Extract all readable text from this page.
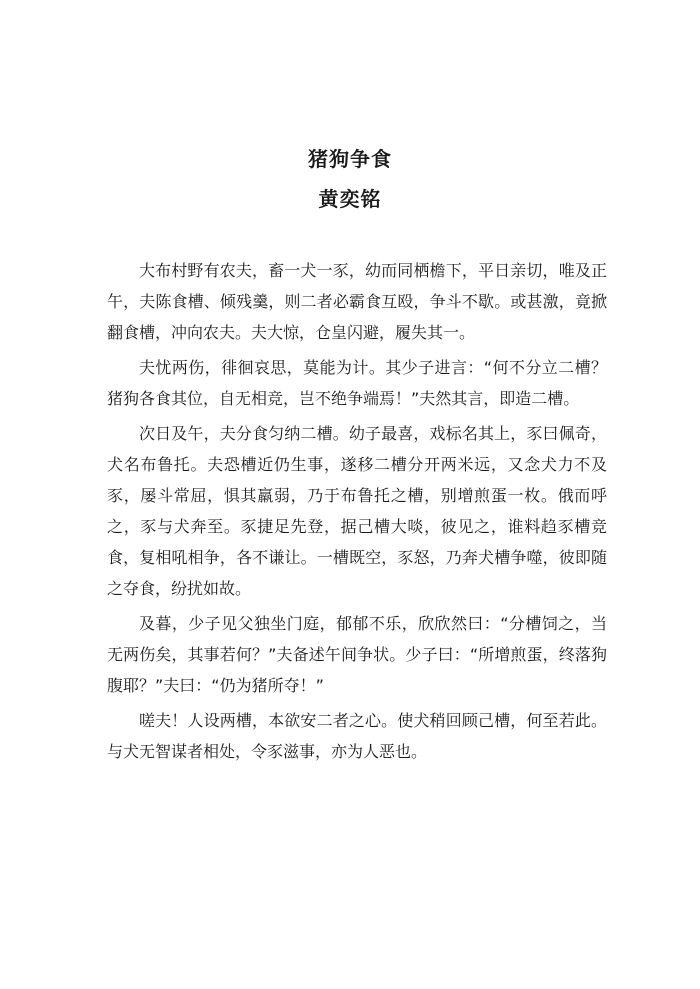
猪狗争食
黄奕铭

大布村野有农夫，畜一犬一豕，幼而同栖檐下，平日亲切，唯及正午，夫陈食槽、倾残羹，则二者必霸食互殴，争斗不歇。或甚激，竟掀翻食槽，冲向农夫。夫大惊，仓皇闪避，履失其一。

夫忧两伤，徘徊哀思，莫能为计。其少子进言：“何不分立二槽？猪狗各食其位，自无相竞，岂不绝争端焉！”夫然其言，即造二槽。

次日及午，夫分食匀纳二槽。幼子最喜，戏标名其上，豕曰佩奇，犬名布鲁托。夫恐槽近仍生事，遂移二槽分开两米远，又念犬力不及豕，屡斗常屈，惧其羸弱，乃于布鲁托之槽，别增煎蛋一枚。俄而呼之，豕与犬奔至。豕捷足先登，据己槽大啖，彼见之，谁料趋豕槽竞食，复相吼相争，各不谦让。一槽既空，豕怒，乃奔犬槽争噬，彼即随之夺食，纷扰如故。

及暮，少子见父独坐门庭，郁郁不乐，欣欣然曰：“分槽饲之，当无两伤矣，其事若何？”夫备述午间争状。少子曰：“所增煎蛋，终落狗腹耶？”夫曰：“仍为猪所夺！”

嗟夫！人设两槽，本欲安二者之心。使犬稍回顾己槽，何至若此。与犬无智谋者相处，令豕滋事，亦为人恶也。
